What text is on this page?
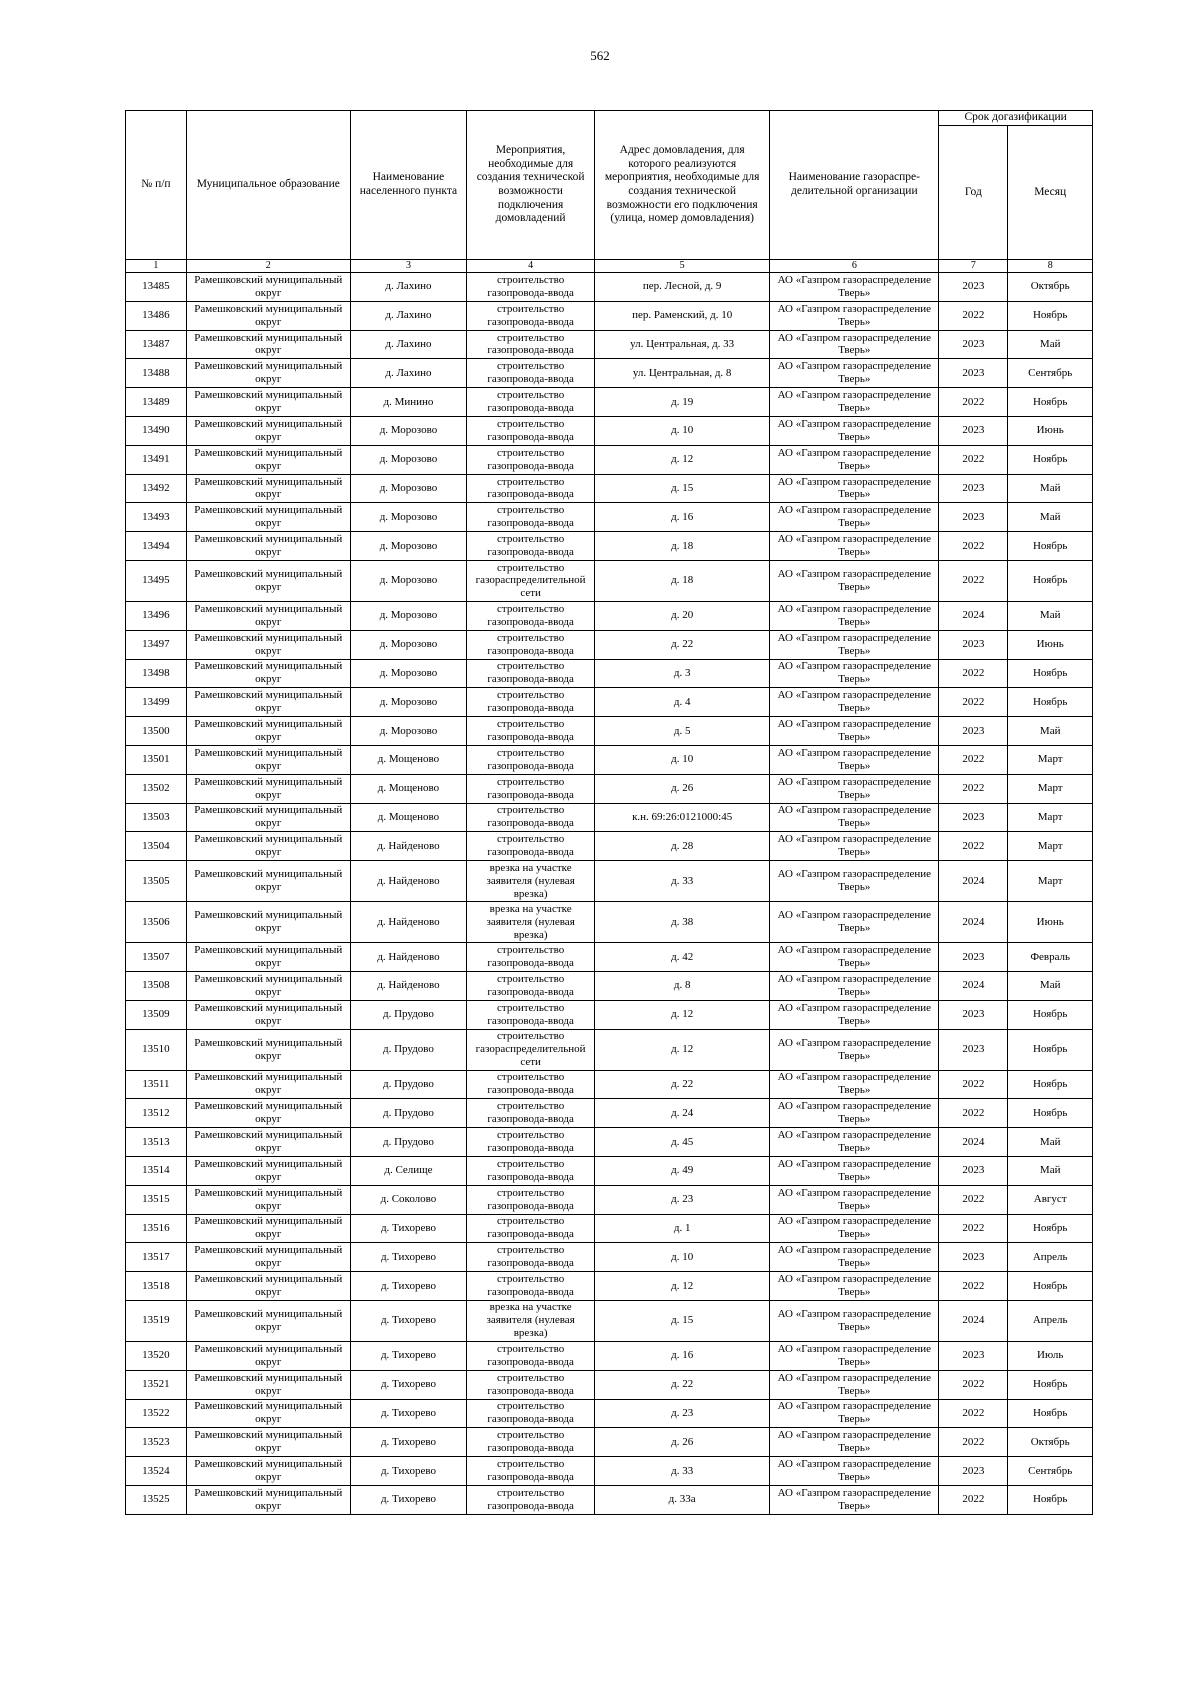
562
№ п/п	Муниципальное образование	Наименование населенного пункта	Мероприятия, необходимые для создания технической возможности подключения домовладений	Адрес домовладения, для которого реализуются мероприятия, необходимые для создания технической возможности его подключения (улица, номер домовладения)	Наименование газораспре- делительной организации	Срок догазификации	
						Год	Месяц
1	2	3	4	5	6	7	8
13485	Рамешковский муниципальный округ	д. Лахино	строительство газопровода-ввода	пер. Лесной, д. 9	АО «Газпром газораспределение Тверь»	2023	Октябрь
13486	Рамешковский муниципальный округ	д. Лахино	строительство газопровода-ввода	пер. Раменский, д. 10	АО «Газпром газораспределение Тверь»	2022	Ноябрь
13487	Рамешковский муниципальный округ	д. Лахино	строительство газопровода-ввода	ул. Центральная, д. 33	АО «Газпром газораспределение Тверь»	2023	Май
13488	Рамешковский муниципальный округ	д. Лахино	строительство газопровода-ввода	ул. Центральная, д. 8	АО «Газпром газораспределение Тверь»	2023	Сентябрь
13489	Рамешковский муниципальный округ	д. Минино	строительство газопровода-ввода	д. 19	АО «Газпром газораспределение Тверь»	2022	Ноябрь
13490	Рамешковский муниципальный округ	д. Морозово	строительство газопровода-ввода	д. 10	АО «Газпром газораспределение Тверь»	2023	Июнь
13491	Рамешковский муниципальный округ	д. Морозово	строительство газопровода-ввода	д. 12	АО «Газпром газораспределение Тверь»	2022	Ноябрь
13492	Рамешковский муниципальный округ	д. Морозово	строительство газопровода-ввода	д. 15	АО «Газпром газораспределение Тверь»	2023	Май
13493	Рамешковский муниципальный округ	д. Морозово	строительство газопровода-ввода	д. 16	АО «Газпром газораспределение Тверь»	2023	Май
13494	Рамешковский муниципальный округ	д. Морозово	строительство газопровода-ввода	д. 18	АО «Газпром газораспределение Тверь»	2022	Ноябрь
13495	Рамешковский муниципальный округ	д. Морозово	строительство газораспределительной сети	д. 18	АО «Газпром газораспределение Тверь»	2022	Ноябрь
13496	Рамешковский муниципальный округ	д. Морозово	строительство газопровода-ввода	д. 20	АО «Газпром газораспределение Тверь»	2024	Май
13497	Рамешковский муниципальный округ	д. Морозово	строительство газопровода-ввода	д. 22	АО «Газпром газораспределение Тверь»	2023	Июнь
13498	Рамешковский муниципальный округ	д. Морозово	строительство газопровода-ввода	д. 3	АО «Газпром газораспределение Тверь»	2022	Ноябрь
13499	Рамешковский муниципальный округ	д. Морозово	строительство газопровода-ввода	д. 4	АО «Газпром газораспределение Тверь»	2022	Ноябрь
13500	Рамешковский муниципальный округ	д. Морозово	строительство газопровода-ввода	д. 5	АО «Газпром газораспределение Тверь»	2023	Май
13501	Рамешковский муниципальный округ	д. Мощеново	строительство газопровода-ввода	д. 10	АО «Газпром газораспределение Тверь»	2022	Март
13502	Рамешковский муниципальный округ	д. Мощеново	строительство газопровода-ввода	д. 26	АО «Газпром газораспределение Тверь»	2022	Март
13503	Рамешковский муниципальный округ	д. Мощеново	строительство газопровода-ввода	к.н. 69:26:0121000:45	АО «Газпром газораспределение Тверь»	2023	Март
13504	Рамешковский муниципальный округ	д. Найденово	строительство газопровода-ввода	д. 28	АО «Газпром газораспределение Тверь»	2022	Март
13505	Рамешковский муниципальный округ	д. Найденово	врезка на участке заявителя (нулевая врезка)	д. 33	АО «Газпром газораспределение Тверь»	2024	Март
13506	Рамешковский муниципальный округ	д. Найденово	врезка на участке заявителя (нулевая врезка)	д. 38	АО «Газпром газораспределение Тверь»	2024	Июнь
13507	Рамешковский муниципальный округ	д. Найденово	строительство газопровода-ввода	д. 42	АО «Газпром газораспределение Тверь»	2023	Февраль
13508	Рамешковский муниципальный округ	д. Найденово	строительство газопровода-ввода	д. 8	АО «Газпром газораспределение Тверь»	2024	Май
13509	Рамешковский муниципальный округ	д. Прудово	строительство газопровода-ввода	д. 12	АО «Газпром газораспределение Тверь»	2023	Ноябрь
13510	Рамешковский муниципальный округ	д. Прудово	строительство газораспределительной сети	д. 12	АО «Газпром газораспределение Тверь»	2023	Ноябрь
13511	Рамешковский муниципальный округ	д. Прудово	строительство газопровода-ввода	д. 22	АО «Газпром газораспределение Тверь»	2022	Ноябрь
13512	Рамешковский муниципальный округ	д. Прудово	строительство газопровода-ввода	д. 24	АО «Газпром газораспределение Тверь»	2022	Ноябрь
13513	Рамешковский муниципальный округ	д. Прудово	строительство газопровода-ввода	д. 45	АО «Газпром газораспределение Тверь»	2024	Май
13514	Рамешковский муниципальный округ	д. Селище	строительство газопровода-ввода	д. 49	АО «Газпром газораспределение Тверь»	2023	Май
13515	Рамешковский муниципальный округ	д. Соколово	строительство газопровода-ввода	д. 23	АО «Газпром газораспределение Тверь»	2022	Август
13516	Рамешковский муниципальный округ	д. Тихорево	строительство газопровода-ввода	д. 1	АО «Газпром газораспределение Тверь»	2022	Ноябрь
13517	Рамешковский муниципальный округ	д. Тихорево	строительство газопровода-ввода	д. 10	АО «Газпром газораспределение Тверь»	2023	Апрель
13518	Рамешковский муниципальный округ	д. Тихорево	строительство газопровода-ввода	д. 12	АО «Газпром газораспределение Тверь»	2022	Ноябрь
13519	Рамешковский муниципальный округ	д. Тихорево	врезка на участке заявителя (нулевая врезка)	д. 15	АО «Газпром газораспределение Тверь»	2024	Апрель
13520	Рамешковский муниципальный округ	д. Тихорево	строительство газопровода-ввода	д. 16	АО «Газпром газораспределение Тверь»	2023	Июль
13521	Рамешковский муниципальный округ	д. Тихорево	строительство газопровода-ввода	д. 22	АО «Газпром газораспределение Тверь»	2022	Ноябрь
13522	Рамешковский муниципальный округ	д. Тихорево	строительство газопровода-ввода	д. 23	АО «Газпром газораспределение Тверь»	2022	Ноябрь
13523	Рамешковский муниципальный округ	д. Тихорево	строительство газопровода-ввода	д. 26	АО «Газпром газораспределение Тверь»	2022	Октябрь
13524	Рамешковский муниципальный округ	д. Тихорево	строительство газопровода-ввода	д. 33	АО «Газпром газораспределение Тверь»	2023	Сентябрь
13525	Рамешковский муниципальный округ	д. Тихорево	строительство газопровода-ввода	д. 33а	АО «Газпром газораспределение Тверь»	2022	Ноябрь
